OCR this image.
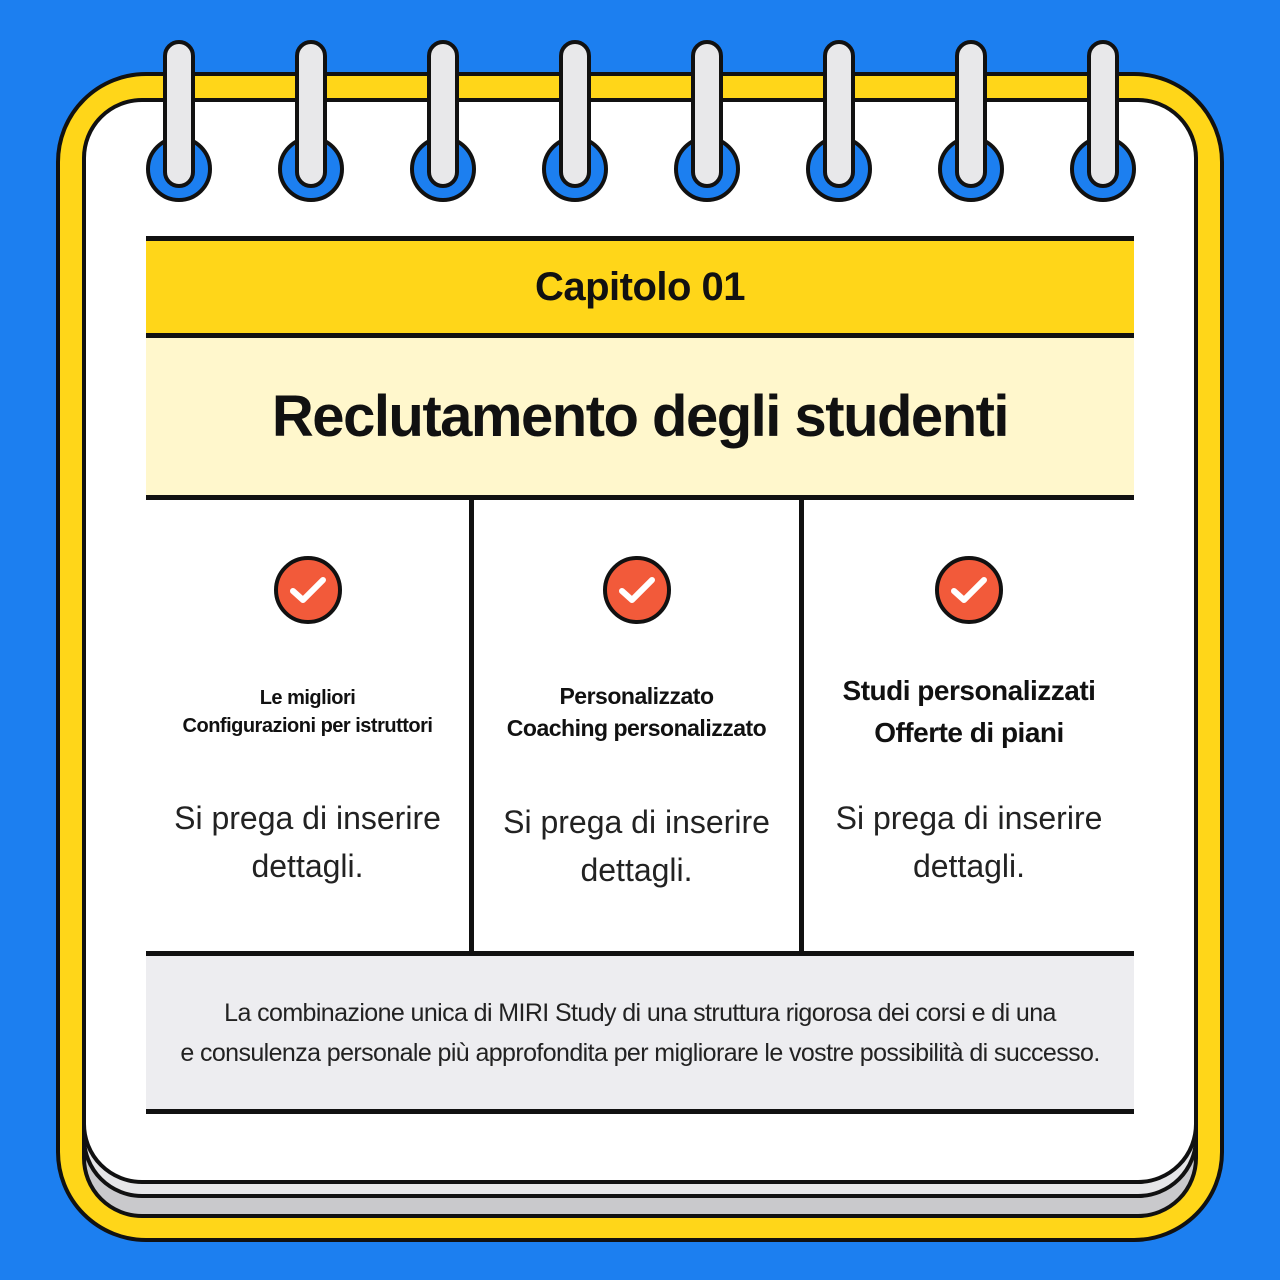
Capitolo 01
Reclutamento degli studenti
Le migliori
Configurazioni per istruttori
Si prega di inserire
dettagli.
Personalizzato
Coaching personalizzato
Si prega di inserire
dettagli.
Studi personalizzati
Offerte di piani
Si prega di inserire
dettagli.
La combinazione unica di MIRI Study di una struttura rigorosa dei corsi e di una
e consulenza personale più approfondita per migliorare le vostre possibilità di successo.
